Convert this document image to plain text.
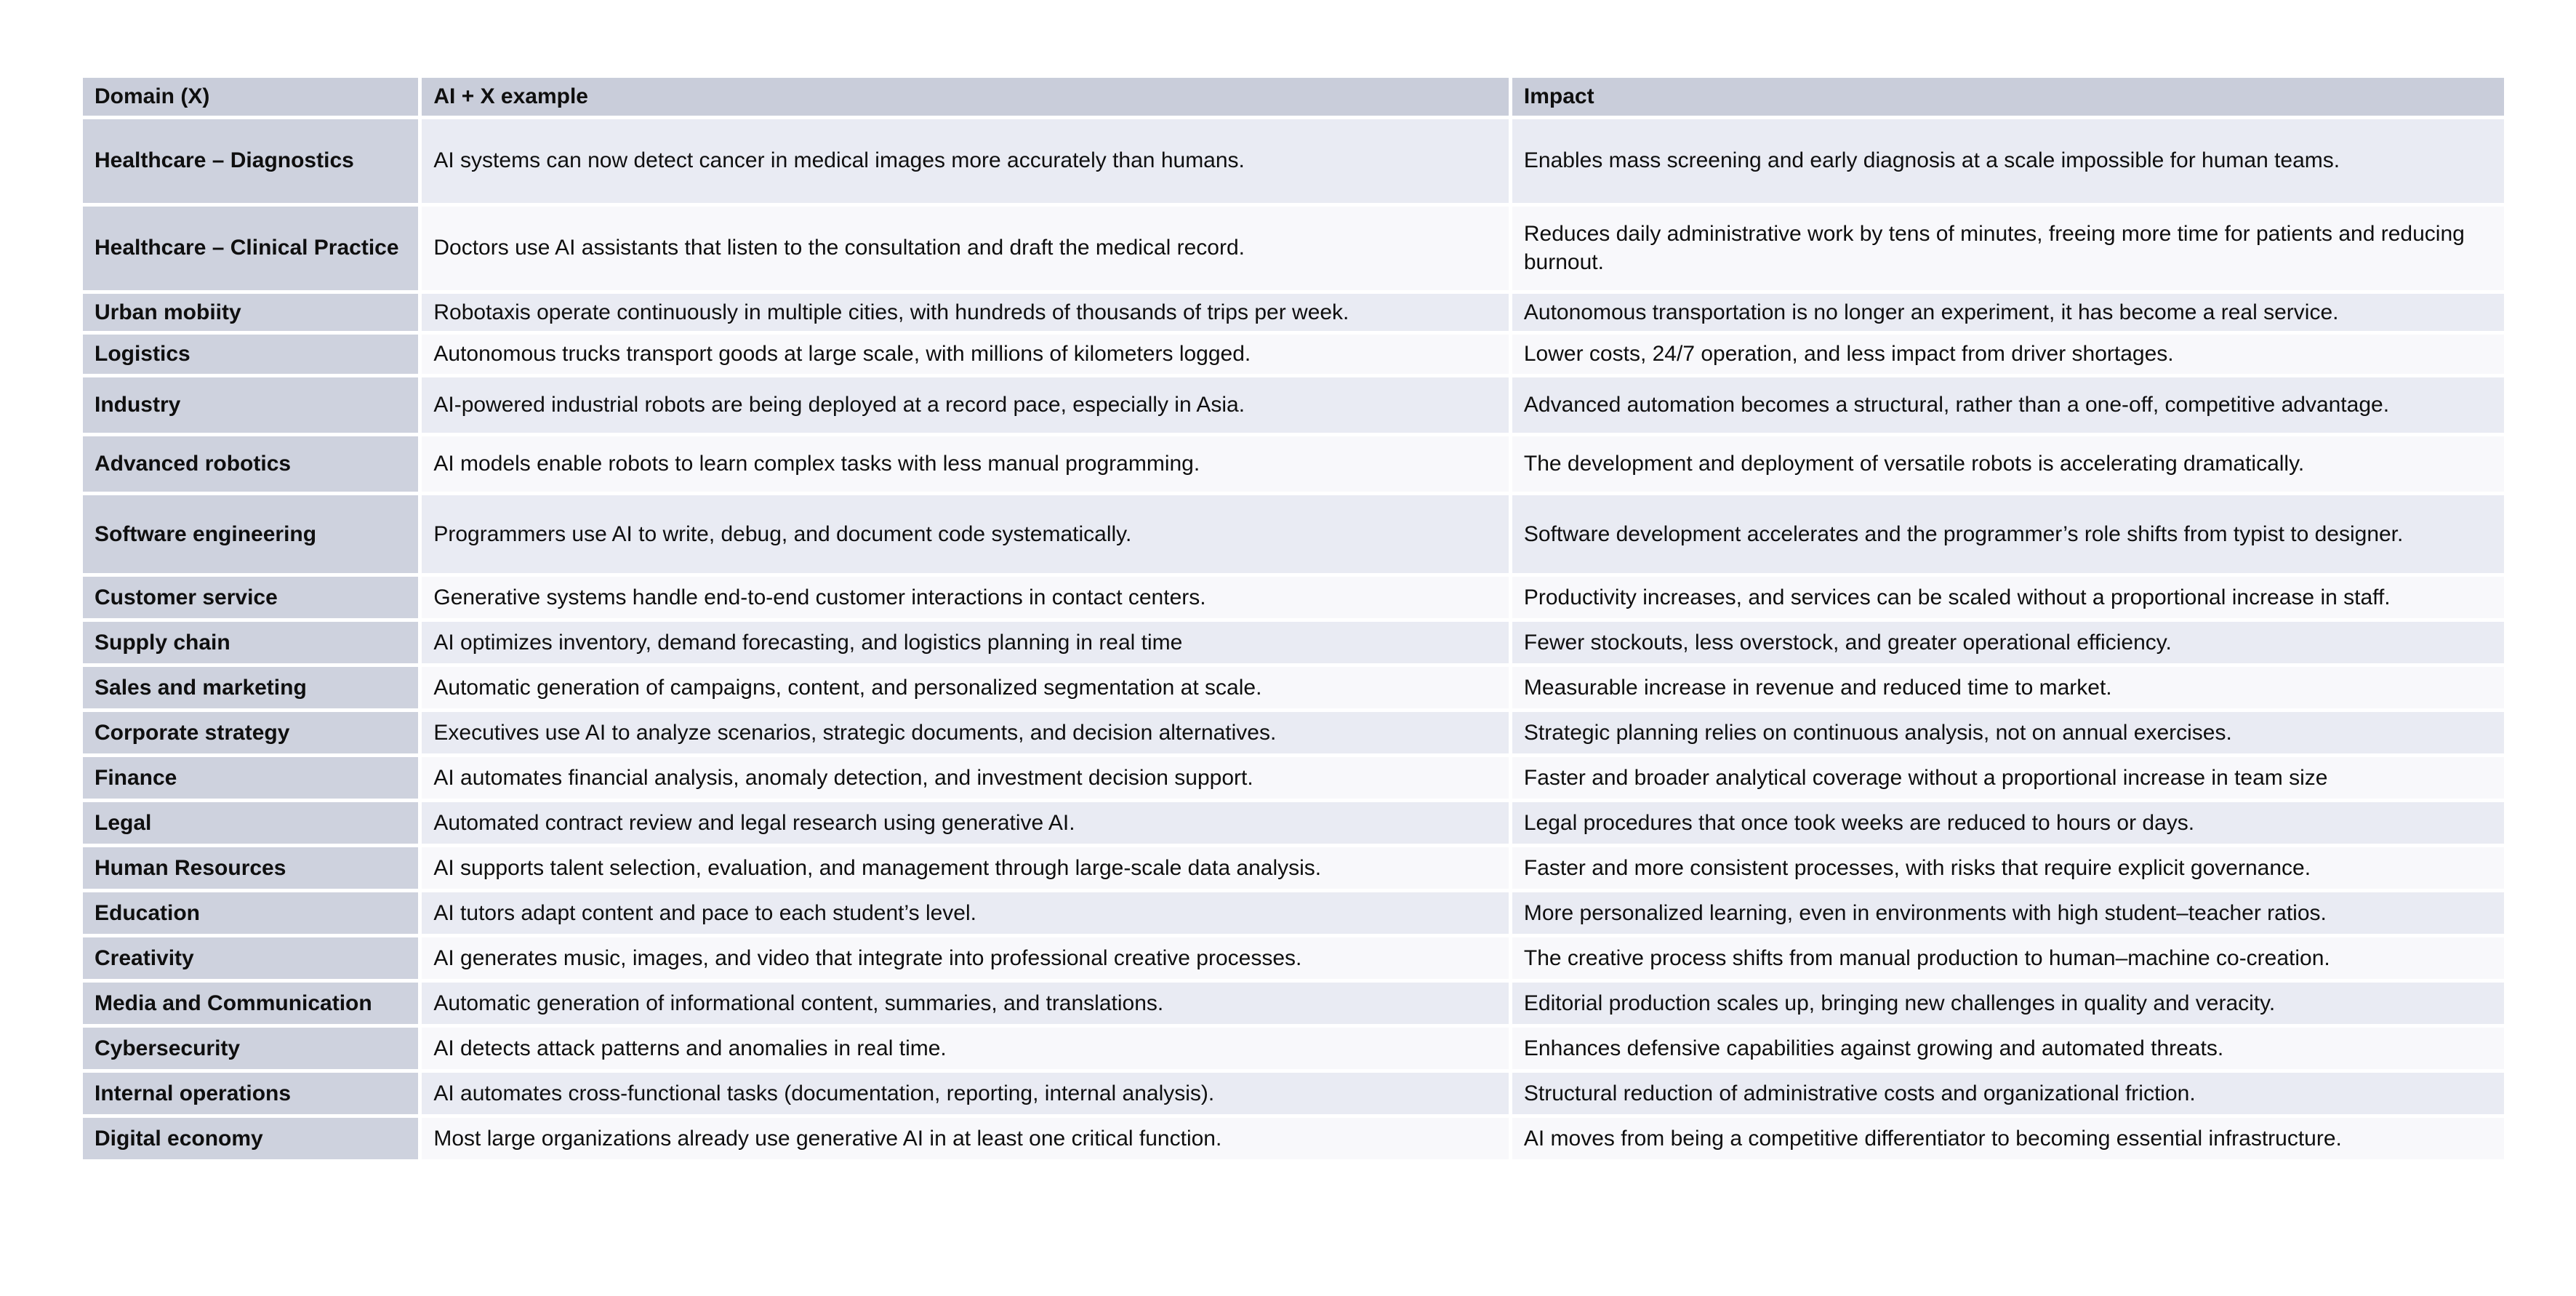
Domain (X)	AI + X example	Impact
Healthcare – Diagnostics	AI systems can now detect cancer in medical images more accurately than humans.	Enables mass screening and early diagnosis at a scale impossible for human teams.
Healthcare – Clinical Practice	Doctors use AI assistants that listen to the consultation and draft the medical record.	Reduces daily administrative work by tens of minutes, freeing more time for patients and reducing burnout.
Urban mobiity	Robotaxis operate continuously in multiple cities, with hundreds of thousands of trips per week.	Autonomous transportation is no longer an experiment, it has become a real service.
Logistics	Autonomous trucks transport goods at large scale, with millions of kilometers logged.	Lower costs, 24/7 operation, and less impact from driver shortages.
Industry	AI-powered industrial robots are being deployed at a record pace, especially in Asia.	Advanced automation becomes a structural, rather than a one-off, competitive advantage.
Advanced robotics	AI models enable robots to learn complex tasks with less manual programming.	The development and deployment of versatile robots is accelerating dramatically.
Software engineering	Programmers use AI to write, debug, and document code systematically.	Software development accelerates and the programmer’s role shifts from typist to designer.
Customer service	Generative systems handle end-to-end customer interactions in contact centers.	Productivity increases, and services can be scaled without a proportional increase in staff.
Supply chain	AI optimizes inventory, demand forecasting, and logistics planning in real time	Fewer stockouts, less overstock, and greater operational efficiency.
Sales and marketing	Automatic generation of campaigns, content, and personalized segmentation at scale.	Measurable increase in revenue and reduced time to market.
Corporate strategy	Executives use AI to analyze scenarios, strategic documents, and decision alternatives.	Strategic planning relies on continuous analysis, not on annual exercises.
Finance	AI automates financial analysis, anomaly detection, and investment decision support.	Faster and broader analytical coverage without a proportional increase in team size
Legal	Automated contract review and legal research using generative AI.	Legal procedures that once took weeks are reduced to hours or days.
Human Resources	AI supports talent selection, evaluation, and management through large-scale data analysis.	Faster and more consistent processes, with risks that require explicit governance.
Education	AI tutors adapt content and pace to each student’s level.	More personalized learning, even in environments with high student–teacher ratios.
Creativity	AI generates music, images, and video that integrate into professional creative processes.	The creative process shifts from manual production to human–machine co-creation.
Media and Communication	Automatic generation of informational content, summaries, and translations.	Editorial production scales up, bringing new challenges in quality and veracity.
Cybersecurity	AI detects attack patterns and anomalies in real time.	Enhances defensive capabilities against growing and automated threats.
Internal operations	AI automates cross-functional tasks (documentation, reporting, internal analysis).	Structural reduction of administrative costs and organizational friction.
Digital economy	Most large organizations already use generative AI in at least one critical function.	AI moves from being a competitive differentiator to becoming essential infrastructure.
